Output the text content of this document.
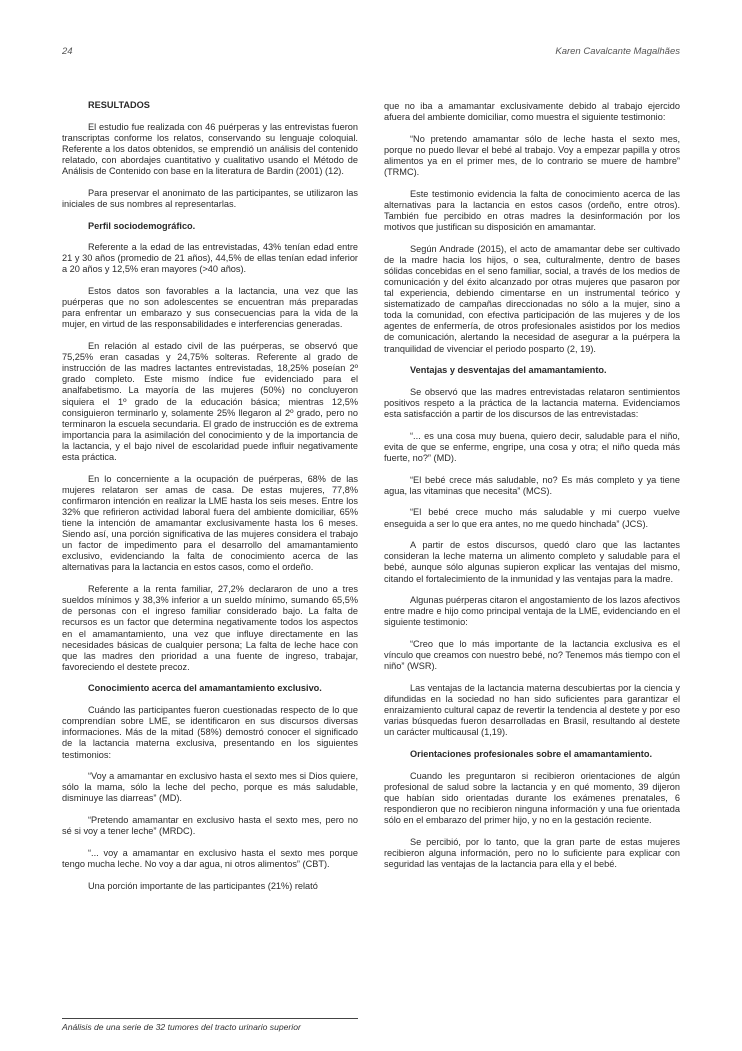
24	Karen Cavalcante Magalhães
RESULTADOS

El estudio fue realizada con 46 puérperas y las entrevistas fueron transcriptas conforme los relatos, conservando su lenguaje coloquial. Referente a los datos obtenidos, se emprendió un análisis del contenido relatado, con abordajes cuantitativo y cualitativo usando el Método de Análisis de Contenido con base en la literatura de Bardin (2001) (12).

Para preservar el anonimato de las participantes, se utilizaron las iniciales de sus nombres al representarlas.

Perfil sociodemográfico.

Referente a la edad de las entrevistadas, 43% tenían edad entre 21 y 30 años (promedio de 21 años), 44,5% de ellas tenían edad inferior a 20 años y 12,5% eran mayores (>40 años).

Estos datos son favorables a la lactancia, una vez que las puérperas que no son adolescentes se encuentran más preparadas para enfrentar un embarazo y sus consecuencias para la vida de la mujer, en virtud de las responsabilidades e interferencias generadas.

En relación al estado civil de las puérperas, se observó que 75,25% eran casadas y 24,75% solteras. Referente al grado de instrucción de las madres lactantes entrevistadas, 18,25% poseían 2º grado completo. Este mismo índice fue evidenciado para el analfabetismo. La mayoría de las mujeres (50%) no concluyeron siquiera el 1º grado de la educación básica; mientras 12,5% consiguieron terminarlo y, solamente 25% llegaron al 2º grado, pero no terminaron la escuela secundaria. El grado de instrucción es de extrema importancia para la asimilación del conocimiento y de la importancia de la lactancia, y el bajo nivel de escolaridad puede influir negativamente esta práctica.

En lo concerniente a la ocupación de puérperas, 68% de las mujeres relataron ser amas de casa. De estas mujeres, 77,8% confirmaron intención en realizar la LME hasta los seis meses. Entre los 32% que refirieron actividad laboral fuera del ambiente domiciliar, 65% tiene la intención de amamantar exclusivamente hasta los 6 meses. Siendo así, una porción significativa de las mujeres considera el trabajo un factor de impedimento para el desarrollo del amamantamiento exclusivo, evidenciando la falta de conocimiento acerca de las alternativas para la lactancia en estos casos, como el ordeño.

Referente a la renta familiar, 27,2% declararon de uno a tres sueldos mínimos y 38,3% inferior a un sueldo mínimo, sumando 65,5% de personas con el ingreso familiar considerado bajo. La falta de recursos es un factor que determina negativamente todos los aspectos en el amamantamiento, una vez que influye directamente en las necesidades básicas de cualquier persona; La falta de leche hace con que las madres den prioridad a una fuente de ingreso, trabajar, favoreciendo el destete precoz.

Conocimiento acerca del amamantamiento exclusivo.

Cuándo las participantes fueron cuestionadas respecto de lo que comprendían sobre LME, se identificaron en sus discursos diversas informaciones. Más de la mitad (58%) demostró conocer el significado de la lactancia materna exclusiva, presentando en los siguientes testimonios:

“Voy a amamantar en exclusivo hasta el sexto mes si Dios quiere, sólo la mama, sólo la leche del pecho, porque es más saludable, disminuye las diarreas” (MD).

“Pretendo amamantar en exclusivo hasta el sexto mes, pero no sé si voy a tener leche” (MRDC).

“... voy a amamantar en exclusivo hasta el sexto mes porque tengo mucha leche. No voy a dar agua, ni otros alimentos” (CBT).

Una porción importante de las participantes (21%) relató

que no iba a amamantar exclusivamente debido al trabajo ejercido afuera del ambiente domiciliar, como muestra el siguiente testimonio:

“No pretendo amamantar sólo de leche hasta el sexto mes, porque no puedo llevar el bebé al trabajo. Voy a empezar papilla y otros alimentos ya en el primer mes, de lo contrario se muere de hambre” (TRMC).

Este testimonio evidencia la falta de conocimiento acerca de las alternativas para la lactancia en estos casos (ordeño, entre otros). También fue percibido en otras madres la desinformación por los motivos que justifican su disposición en amamantar.

Según Andrade (2015), el acto de amamantar debe ser cultivado de la madre hacia los hijos, o sea, culturalmente, dentro de bases sólidas concebidas en el seno familiar, social, a través de los medios de comunicación y del éxito alcanzado por otras mujeres que pasaron por tal experiencia, debiendo cimentarse en un instrumental teórico y sistematizado de campañas direccionadas no sólo a la mujer, sino a toda la comunidad, con efectiva participación de las mujeres y de los agentes de enfermería, de otros profesionales asistidos por los medios de comunicación, alertando la necesidad de asegurar a la puérpera la tranquilidad de vivenciar el periodo posparto (2, 19).

Ventajas y desventajas del amamantamiento.

Se observó que las madres entrevistadas relataron sentimientos positivos respeto a la práctica de la lactancia materna. Evidenciamos esta satisfacción a partir de los discursos de las entrevistadas:

“... es una cosa muy buena, quiero decir, saludable para el niño, evita de que se enferme, engripe, una cosa y otra; el niño queda más fuerte, no?” (MD).

“El bebé crece más saludable, no? Es más completo y ya tiene agua, las vitaminas que necesita” (MCS).

“El bebé crece mucho más saludable y mi cuerpo vuelve enseguida a ser lo que era antes, no me quedo hinchada” (JCS).

A partir de estos discursos, quedó claro que las lactantes consideran la leche materna un alimento completo y saludable para el bebé, aunque sólo algunas supieron explicar las ventajas del mismo, citando el fortalecimiento de la inmunidad y las ventajas para la madre.

Algunas puérperas citaron el angostamiento de los lazos afectivos entre madre e hijo como principal ventaja de la LME, evidenciando en el siguiente testimonio:

“Creo que lo más importante de la lactancia exclusiva es el vínculo que creamos con nuestro bebé, no? Tenemos más tiempo con el niño” (WSR).

Las ventajas de la lactancia materna descubiertas por la ciencia y difundidas en la sociedad no han sido suficientes para garantizar el enraizamiento cultural capaz de revertir la tendencia al destete y por eso varias búsquedas fueron desarrolladas en Brasil, resultando al destete un carácter multicausal (1,19).

Orientaciones profesionales sobre el amamantamiento.

Cuando les preguntaron si recibieron orientaciones de algún profesional de salud sobre la lactancia y en qué momento, 39 dijeron que habían sido orientadas durante los exámenes prenatales, 6 respondieron que no recibieron ninguna información y una fue orientada sólo en el embarazo del primer hijo, y no en la gestación reciente.

Se percibió, por lo tanto, que la gran parte de estas mujeres recibieron alguna información, pero no lo suficiente para explicar con seguridad las ventajas de la lactancia para ella y el bebé.

Análisis de una serie de 32 tumores del tracto urinario superior
